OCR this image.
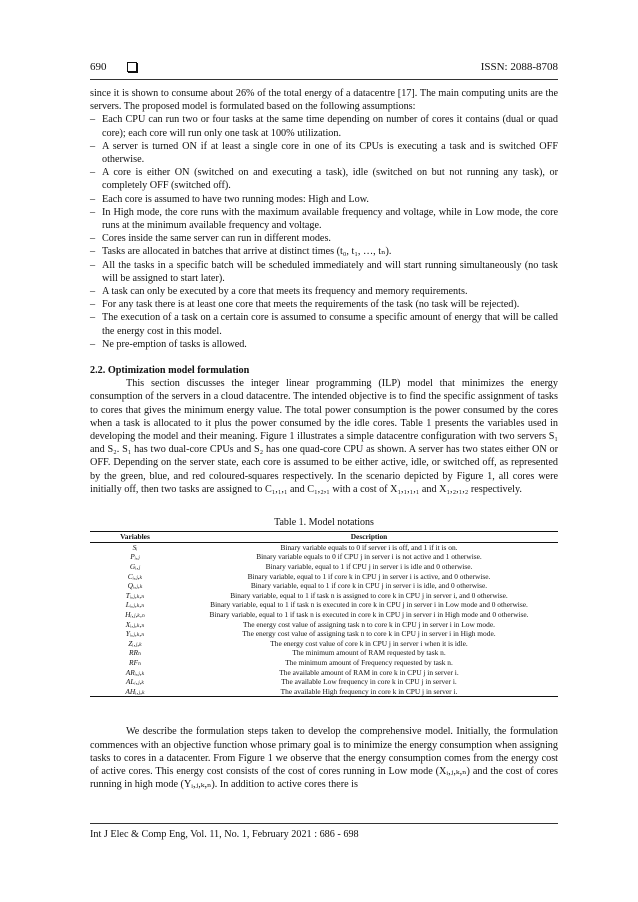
690	ISSN: 2088-8708

since it is shown to consume about 26% of the total energy of a datacentre [17]. The main computing units are the servers. The proposed model is formulated based on the following assumptions:

– Each CPU can run two or four tasks at the same time depending on number of cores it contains (dual or quad core); each core will run only one task at 100% utilization.
– A server is turned ON if at least a single core in one of its CPUs is executing a task and is switched OFF otherwise.
– A core is either ON (switched on and executing a task), idle (switched on but not running any task), or completely OFF (switched off).
– Each core is assumed to have two running modes: High and Low.
– In High mode, the core runs with the maximum available frequency and voltage, while in Low mode, the core runs at the minimum available frequency and voltage.
– Cores inside the same server can run in different modes.
– Tasks are allocated in batches that arrive at distinct times (t₀, t₁, …, tₙ).
– All the tasks in a specific batch will be scheduled immediately and will start running simultaneously (no task will be assigned to start later).
– A task can only be executed by a core that meets its frequency and memory requirements.
– For any task there is at least one core that meets the requirements of the task (no task will be rejected).
– The execution of a task on a certain core is assumed to consume a specific amount of energy that will be called the energy cost in this model.
– Ne pre-emption of tasks is allowed.

2.2. Optimization model formulation

This section discusses the integer linear programming (ILP) model that minimizes the energy consumption of the servers in a cloud datacentre. The intended objective is to find the specific assignment of tasks to cores that gives the minimum energy value. The total power consumption is the power consumed by the cores when a task is allocated to it plus the power consumed by the idle cores. Table 1 presents the variables used in developing the model and their meaning. Figure 1 illustrates a simple datacentre configuration with two servers S₁ and S₂. S₁ has two dual-core CPUs and S₂ has one quad-core CPU as shown. A server has two states either ON or OFF. Depending on the server state, each core is assumed to be either active, idle, or switched off, as represented by the green, blue, and red coloured-squares respectively. In the scenario depicted by Figure 1, all cores were initially off, then two tasks are assigned to C₁,₁,₁ and C₁,₂,₁ with a cost of X₁,₁,₁,₁ and X₁,₂,₁,₂ respectively.

Table 1. Model notations

Variables	Description
Sᵢ	Binary variable equals to 0 if server i is off, and 1 if it is on.
Pᵢ,ⱼ	Binary variable equals to 0 if CPU j in server i is not active and 1 otherwise.
Gᵢ,ⱼ	Binary variable, equal to 1 if CPU j in server i is idle and 0 otherwise.
Cᵢ,ⱼ,ₖ	Binary variable, equal to 1 if core k in CPU j in server i is active, and 0 otherwise.
Qᵢ,ⱼ,ₖ	Binary variable, equal to 1 if core k in CPU j in server i is idle, and 0 otherwise.
Tᵢ,ⱼ,ₖ,ₙ	Binary variable, equal to 1 if task n is assigned to core k in CPU j in server i, and 0 otherwise.
Lᵢ,ⱼ,ₖ,ₙ	Binary variable, equal to 1 if task n is executed in core k in CPU j in server i in Low mode and 0 otherwise.
Hᵢ,ⱼ,ₖ,ₙ	Binary variable, equal to 1 if task n is executed in core k in CPU j in server i in High mode and 0 otherwise.
Xᵢ,ⱼ,ₖ,ₙ	The energy cost value of assigning task n to core k in CPU j in server i in Low mode.
Yᵢ,ⱼ,ₖ,ₙ	The energy cost value of assigning task n to core k in CPU j in server i in High mode.
Zᵢ,ⱼ,ₖ	The energy cost value of core k in CPU j in server i when it is idle.
RRₙ	The minimum amount of RAM requested by task n.
RFₙ	The minimum amount of Frequency requested by task n.
ARᵢ,ⱼ,ₖ	The available amount of RAM in core k in CPU j in server i.
ALᵢ,ⱼ,ₖ	The available Low frequency in core k in CPU j in server i.
AHᵢ,ⱼ,ₖ	The available High frequency in core k in CPU j in server i.

We describe the formulation steps taken to develop the comprehensive model. Initially, the formulation commences with an objective function whose primary goal is to minimize the energy consumption when assigning tasks to cores in a datacenter. From Figure 1 we observe that the energy consumption comes from the energy cost of active cores. This energy cost consists of the cost of cores running in Low mode (Xᵢ,ⱼ,ₖ,ₙ) and the cost of cores running in high mode (Yᵢ,ⱼ,ₖ,ₙ). In addition to active cores there is

Int J Elec & Comp Eng, Vol. 11, No. 1, February 2021 : 686 - 698
